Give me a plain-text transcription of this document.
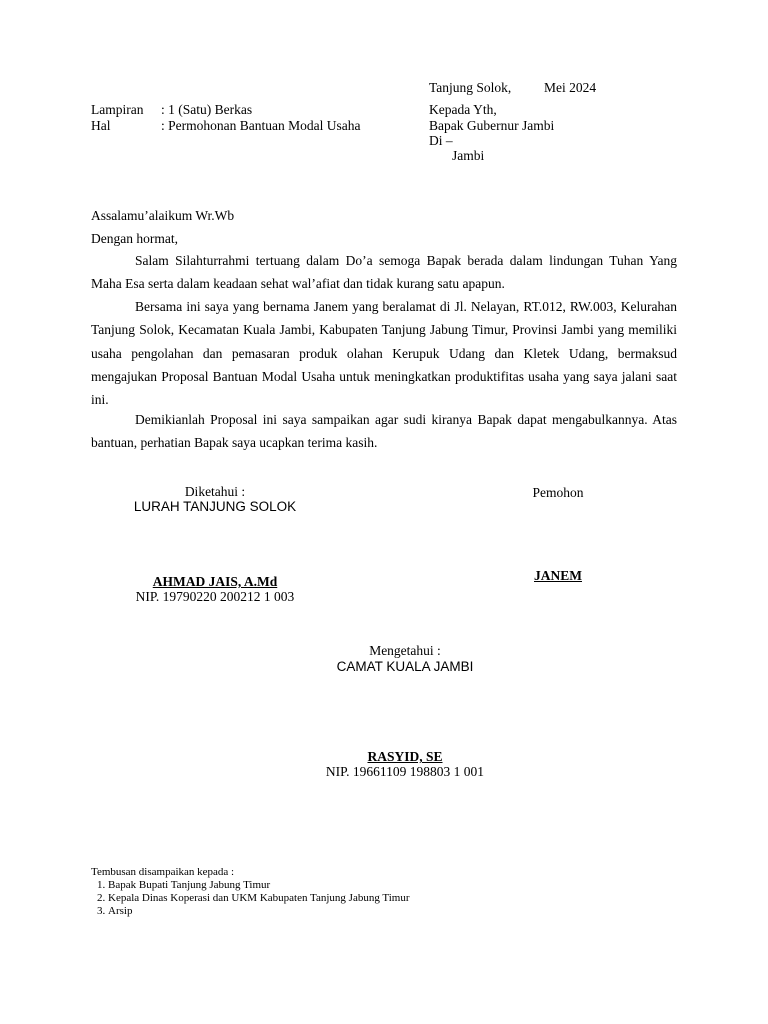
Tanjung Solok, Mei 2024
Lampiran : 1 (Satu) Berkas
Hal	: Permohonan Bantuan Modal Usaha
Kepada Yth,
Bapak Gubernur Jambi
Di –
Jambi
Assalamu’alaikum Wr.Wb
Dengan hormat,

Salam Silahturrahmi tertuang dalam Do’a semoga Bapak berada dalam lindungan Tuhan Yang Maha Esa serta dalam keadaan sehat wal’afiat dan tidak kurang satu apapun.

Bersama ini saya yang bernama Janem yang beralamat di Jl. Nelayan, RT.012, RW.003, Kelurahan Tanjung Solok, Kecamatan Kuala Jambi, Kabupaten Tanjung Jabung Timur, Provinsi Jambi yang memiliki usaha pengolahan dan pemasaran produk olahan Kerupuk Udang dan Kletek Udang, bermaksud mengajukan Proposal Bantuan Modal Usaha untuk meningkatkan produktifitas usaha yang saya jalani saat ini.

Demikianlah Proposal ini saya sampaikan agar sudi kiranya Bapak dapat mengabulkannya. Atas bantuan, perhatian Bapak saya ucapkan terima kasih.

Diketahui :
LURAH TANJUNG SOLOK
AHMAD JAIS, A.Md
NIP. 19790220 200212 1 003
Pemohon
JANEM
Mengetahui :
CAMAT KUALA JAMBI
RASYID, SE
NIP. 19661109 198803 1 001
Tembusan disampaikan kepada :
1. Bapak Bupati Tanjung Jabung Timur
2. Kepala Dinas Koperasi dan UKM Kabupaten Tanjung Jabung Timur
3. Arsip
